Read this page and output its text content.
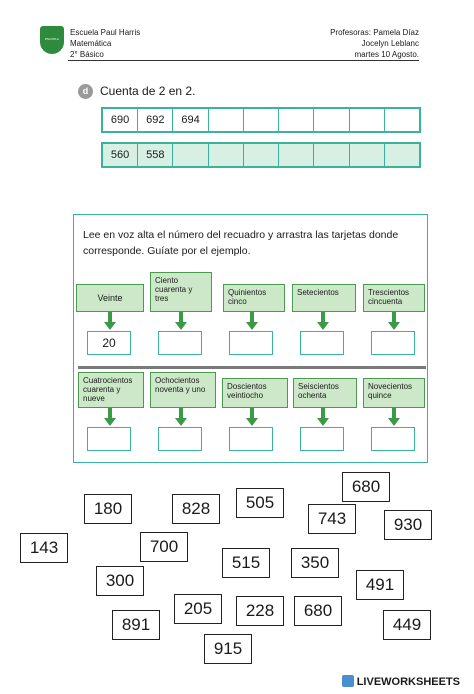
ESCUELA
Escuela Paul Harris
Matemática
2° Básico
Profesoras: Pamela Díaz
Jocelyn Leblanc
martes 10 Agosto.
d Cuenta de 2 en 2.
690	692	694
560	558
Lee en voz alta el número del recuadro y arrastra las tarjetas donde corresponde. Guíate por el ejemplo.
Veinte
Ciento cuarenta y tres
Quinientos cinco
Setecientos	Trescientos cincuenta
20
Cuatrocientos cuarenta y nueve
Ochocientos noventa y uno	Doscientos veintiocho
Seiscientos ochenta
Novecientos quince
180	828	505
680
743	930
143	700
515	350
300	491
891
205	228	680
449
915
LIVEWORKSHEETS
